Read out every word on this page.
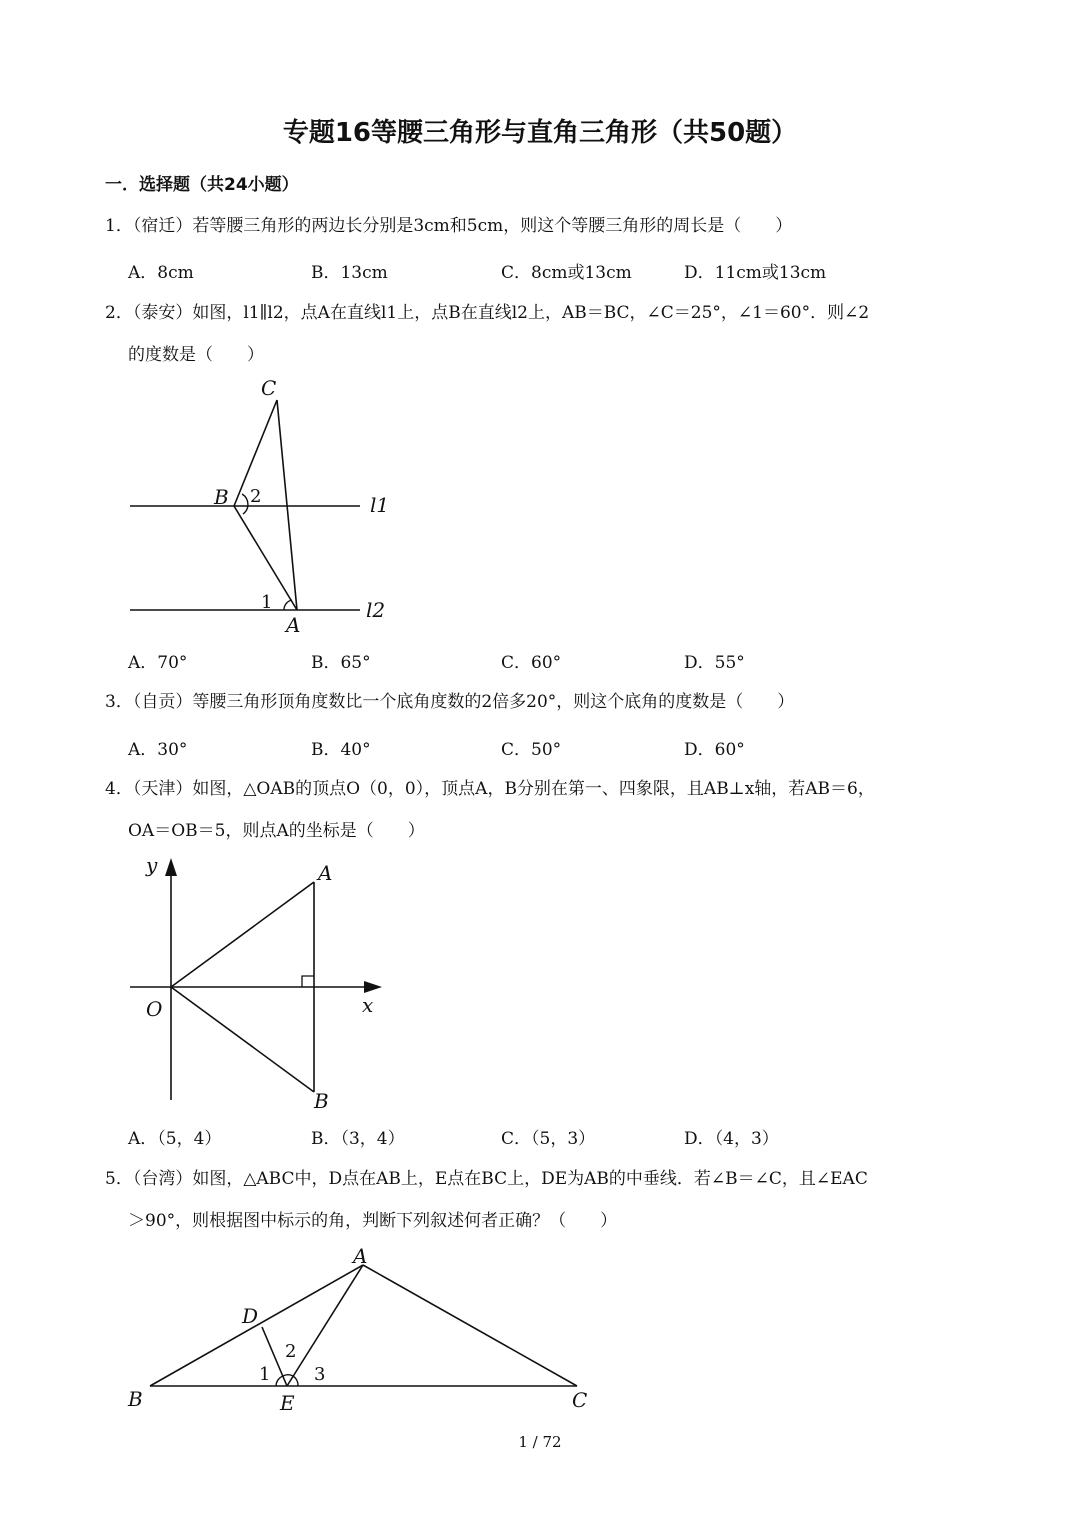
专题16等腰三角形与直角三角形（共50题）
一．选择题（共24小题）
1．（宿迁）若等腰三角形的两边长分别是3cm和5cm，则这个等腰三角形的周长是（　　）
A．8cm	B．13cm	C．8cm或13cm	D．11cm或13cm
2．（泰安）如图，l1∥l2，点A在直线l1上，点B在直线l2上，AB＝BC，∠C＝25°，∠1＝60°．则∠2
的度数是（　　）
C
B 2	l1
1
A
l2
A．70°	B．65°	C．60°	D．55°
3．（自贡）等腰三角形顶角度数比一个底角度数的2倍多20°，则这个底角的度数是（　　）
A．30°	B．40°	C．50°	D．60°
4．（天津）如图，△OAB的顶点O（0，0），顶点A，B分别在第一、四象限，且AB⊥x轴，若AB＝6，
OA＝OB＝5，则点A的坐标是（　　）
y	A
O	x
B
A．（5，4）	B．（3，4）	C．（5，3）	D．（4，3）
5．（台湾）如图，△ABC中，D点在AB上，E点在BC上，DE为AB的中垂线．若∠B＝∠C，且∠EAC
＞90°，则根据图中标示的角，判断下列叙述何者正确？（　　）
A
D
2
1 3
B	E	C
1 / 72
